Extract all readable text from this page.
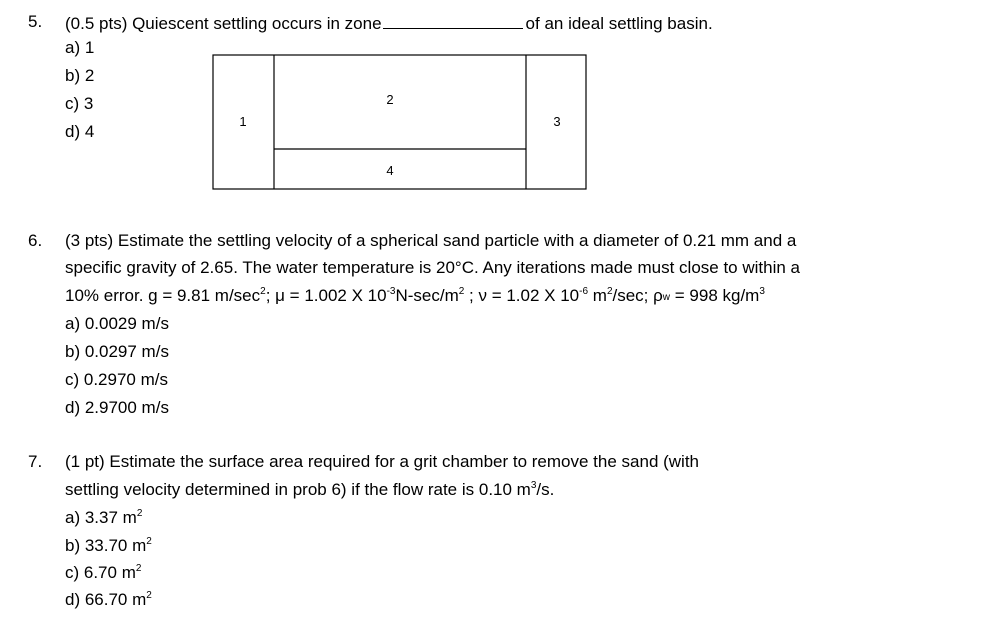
5. (0.5 pts) Quiescent settling occurs in zone	of an ideal settling basin.
a) 1
b) 2
c) 3
d) 4
1
2
3
4
6. (3 pts) Estimate the settling velocity of a spherical sand particle with a diameter of 0.21 mm and a
specific gravity of 2.65. The water temperature is 20°C. Any iterations made must close to within a
10% error. g = 9.81 $m/\sec^2$; μ = 1.002 X $10^{-3}N-\sec/m^2$ ; ν = 1.02 X $10^{-6}$ $m^2/\sec$; $\rho_w = 998$ $kg/m^3$
a) 0.0029 m/s
b) 0.0297 m/s
c) 0.2970 m/s
d) 2.9700 m/s
7. (1 pt) Estimate the surface area required for a grit chamber to remove the sand (with
settling velocity determined in prob 6) if the flow rate is 0.10 $m^3/s$.
a) 3.37 $m^2$
b) 33.70 $m^2$
c) 6.70 $m^2$
d) 66.70 $m^2$
